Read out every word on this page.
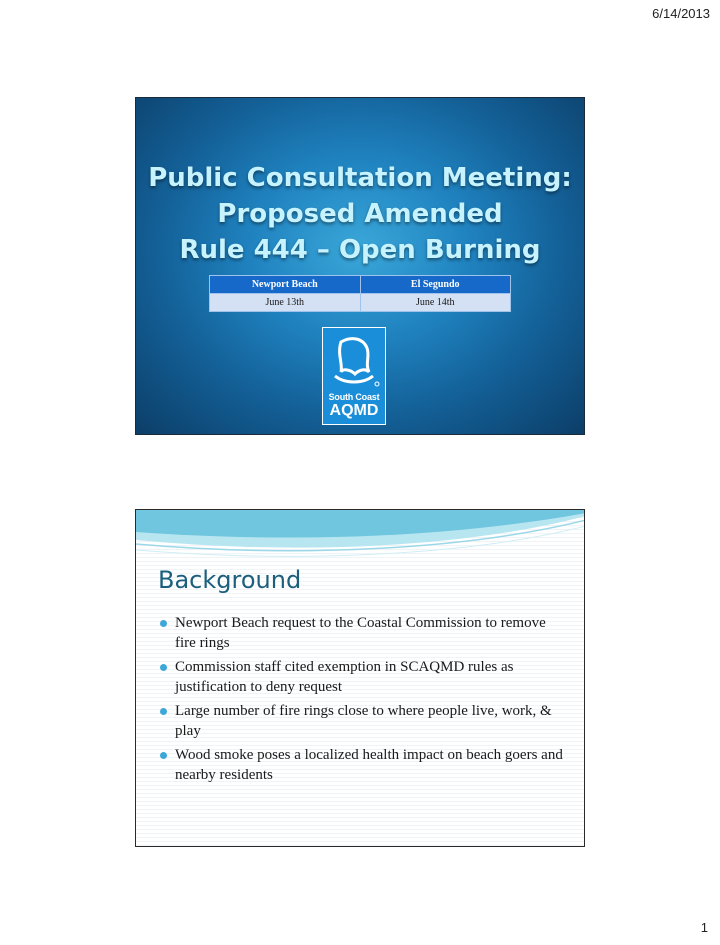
6/14/2013
Public Consultation Meeting:
Proposed Amended
Rule 444 – Open Burning
Newport Beach	El Segundo
June 13th	June 14th
South Coast
AQMD
Background
Newport Beach request to the Coastal Commission to remove fire rings
Commission staff cited exemption in SCAQMD rules as justification to deny request
Large number of fire rings close to where people live, work, & play
Wood smoke poses a localized health impact on beach goers and nearby residents
1
